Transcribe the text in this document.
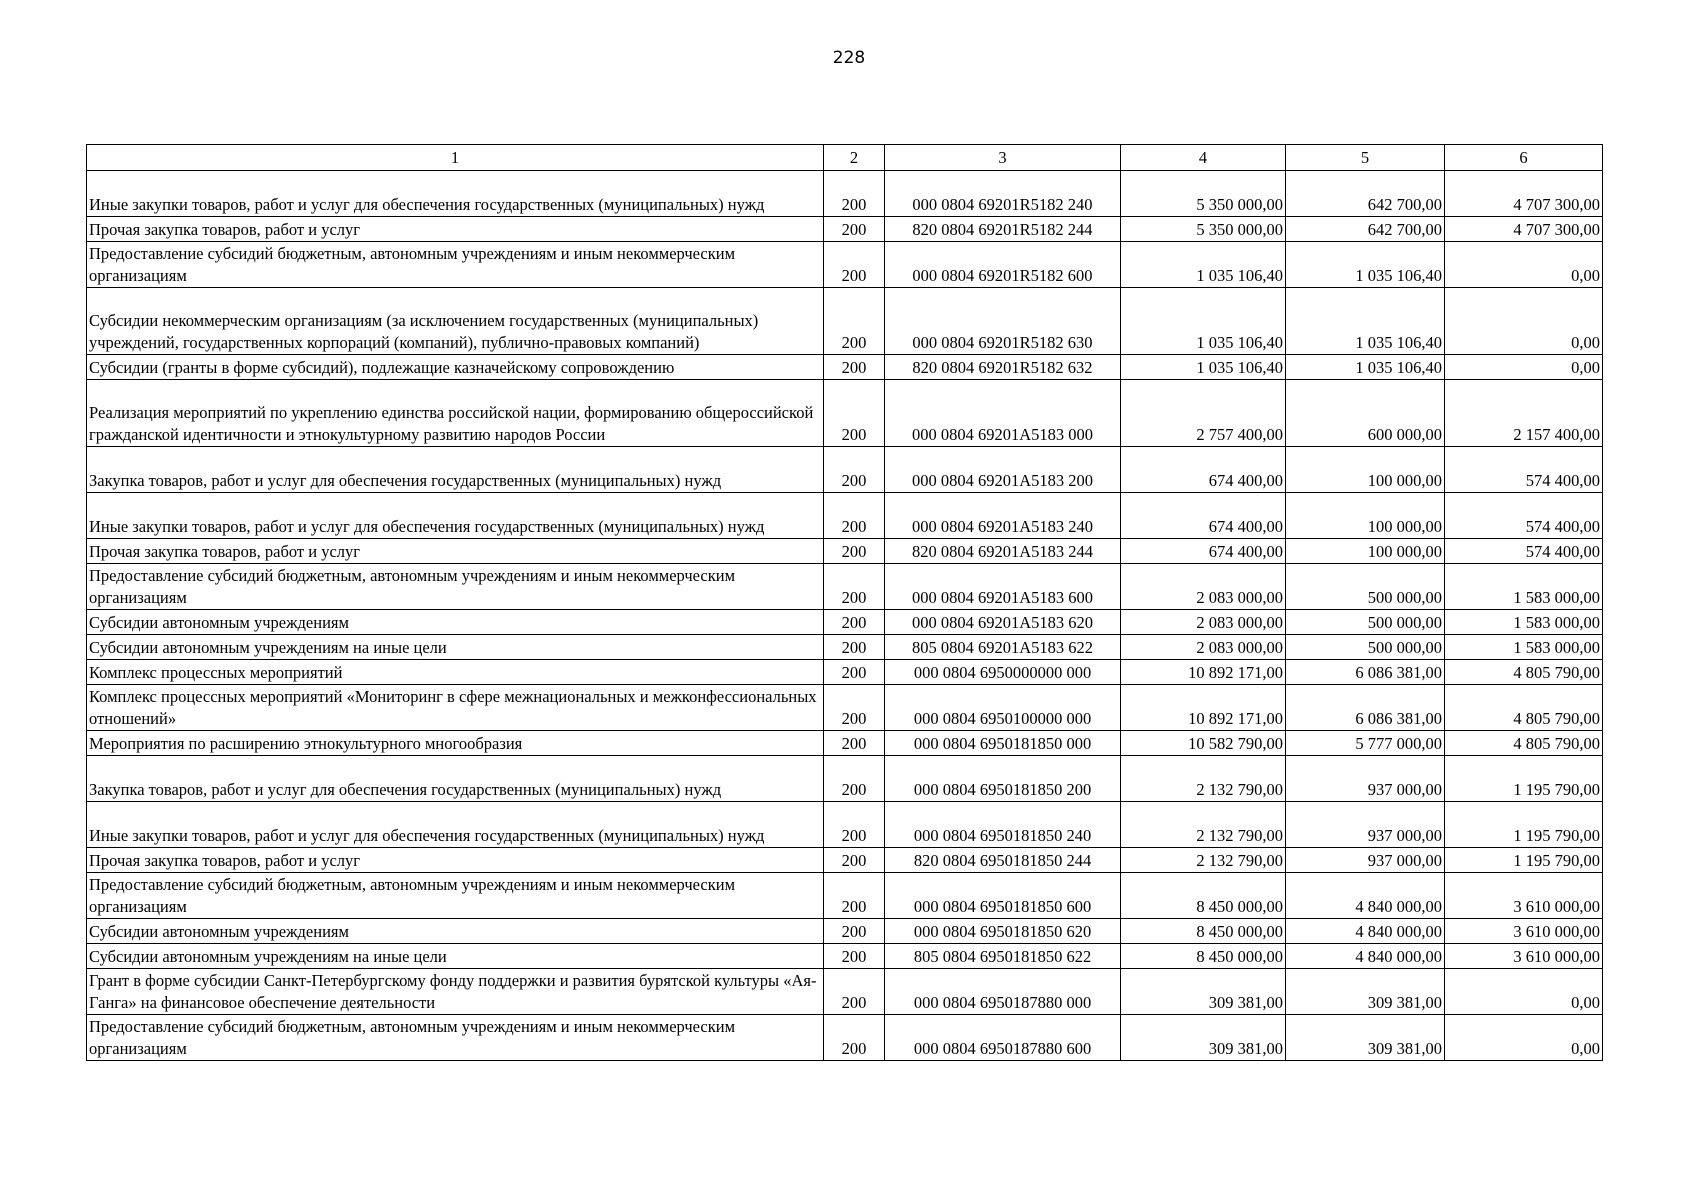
228
1	2	3	4	5	6
Иные закупки товаров, работ и услуг для обеспечения государственных (муниципальных) нужд	200	000 0804 69201R5182 240	5 350 000,00	642 700,00	4 707 300,00
Прочая закупка товаров, работ и услуг	200	820 0804 69201R5182 244	5 350 000,00	642 700,00	4 707 300,00
Предоставление субсидий бюджетным, автономным учреждениям и иным некоммерческим организациям	200	000 0804 69201R5182 600	1 035 106,40	1 035 106,40	0,00
Субсидии некоммерческим организациям (за исключением государственных (муниципальных) учреждений, государственных корпораций (компаний), публично-правовых компаний)	200	000 0804 69201R5182 630	1 035 106,40	1 035 106,40	0,00
Субсидии (гранты в форме субсидий), подлежащие казначейскому сопровождению	200	820 0804 69201R5182 632	1 035 106,40	1 035 106,40	0,00
Реализация мероприятий по укреплению единства российской нации, формированию общероссийской гражданской идентичности и этнокультурному развитию народов России	200	000 0804 69201A5183 000	2 757 400,00	600 000,00	2 157 400,00
Закупка товаров, работ и услуг для обеспечения государственных (муниципальных) нужд	200	000 0804 69201A5183 200	674 400,00	100 000,00	574 400,00
Иные закупки товаров, работ и услуг для обеспечения государственных (муниципальных) нужд	200	000 0804 69201A5183 240	674 400,00	100 000,00	574 400,00
Прочая закупка товаров, работ и услуг	200	820 0804 69201A5183 244	674 400,00	100 000,00	574 400,00
Предоставление субсидий бюджетным, автономным учреждениям и иным некоммерческим организациям	200	000 0804 69201A5183 600	2 083 000,00	500 000,00	1 583 000,00
Субсидии автономным учреждениям	200	000 0804 69201A5183 620	2 083 000,00	500 000,00	1 583 000,00
Субсидии автономным учреждениям на иные цели	200	805 0804 69201A5183 622	2 083 000,00	500 000,00	1 583 000,00
Комплекс процессных мероприятий	200	000 0804 6950000000 000	10 892 171,00	6 086 381,00	4 805 790,00
Комплекс процессных мероприятий «Мониторинг в сфере межнациональных и межконфессиональных отношений»	200	000 0804 6950100000 000	10 892 171,00	6 086 381,00	4 805 790,00
Мероприятия по расширению этнокультурного многообразия	200	000 0804 6950181850 000	10 582 790,00	5 777 000,00	4 805 790,00
Закупка товаров, работ и услуг для обеспечения государственных (муниципальных) нужд	200	000 0804 6950181850 200	2 132 790,00	937 000,00	1 195 790,00
Иные закупки товаров, работ и услуг для обеспечения государственных (муниципальных) нужд	200	000 0804 6950181850 240	2 132 790,00	937 000,00	1 195 790,00
Прочая закупка товаров, работ и услуг	200	820 0804 6950181850 244	2 132 790,00	937 000,00	1 195 790,00
Предоставление субсидий бюджетным, автономным учреждениям и иным некоммерческим организациям	200	000 0804 6950181850 600	8 450 000,00	4 840 000,00	3 610 000,00
Субсидии автономным учреждениям	200	000 0804 6950181850 620	8 450 000,00	4 840 000,00	3 610 000,00
Субсидии автономным учреждениям на иные цели	200	805 0804 6950181850 622	8 450 000,00	4 840 000,00	3 610 000,00
Грант в форме субсидии Санкт-Петербургскому фонду поддержки и развития бурятской культуры «Ая-Ганга» на финансовое обеспечение деятельности	200	000 0804 6950187880 000	309 381,00	309 381,00	0,00
Предоставление субсидий бюджетным, автономным учреждениям и иным некоммерческим организациям	200	000 0804 6950187880 600	309 381,00	309 381,00	0,00
